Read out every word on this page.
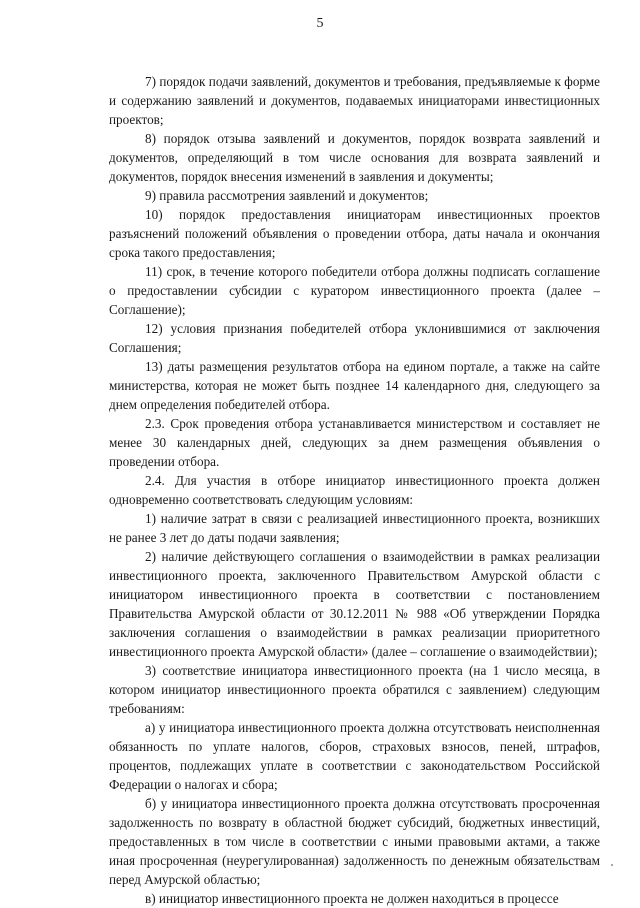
5

7) порядок подачи заявлений, документов и требования, предъявляемые к форме и содержанию заявлений и документов, подаваемых инициаторами инвестиционных проектов;

8) порядок отзыва заявлений и документов, порядок возврата заявлений и документов, определяющий в том числе основания для возврата заявлений и документов, порядок внесения изменений в заявления и документы;

9) правила рассмотрения заявлений и документов;

10) порядок предоставления инициаторам инвестиционных проектов разъяснений положений объявления о проведении отбора, даты начала и окончания срока такого предоставления;

11) срок, в течение которого победители отбора должны подписать соглашение о предоставлении субсидии с куратором инвестиционного проекта (далее – Соглашение);

12) условия признания победителей отбора уклонившимися от заключения Соглашения;

13) даты размещения результатов отбора на едином портале, а также на сайте министерства, которая не может быть позднее 14 календарного дня, следующего за днем определения победителей отбора.

2.3. Срок проведения отбора устанавливается министерством и составляет не менее 30 календарных дней, следующих за днем размещения объявления о проведении отбора.

2.4. Для участия в отборе инициатор инвестиционного проекта должен одновременно соответствовать следующим условиям:

1) наличие затрат в связи с реализацией инвестиционного проекта, возникших не ранее 3 лет до даты подачи заявления;

2) наличие действующего соглашения о взаимодействии в рамках реализации инвестиционного проекта, заключенного Правительством Амурской области с инициатором инвестиционного проекта в соответствии с постановлением Правительства Амурской области от 30.12.2011 № 988 «Об утверждении Порядка заключения соглашения о взаимодействии в рамках реализации приоритетного инвестиционного проекта Амурской области» (далее – соглашение о взаимодействии);

3) соответствие инициатора инвестиционного проекта (на 1 число месяца, в котором инициатор инвестиционного проекта обратился с заявлением) следующим требованиям:

а) у инициатора инвестиционного проекта должна отсутствовать неисполненная обязанность по уплате налогов, сборов, страховых взносов, пеней, штрафов, процентов, подлежащих уплате в соответствии с законодательством Российской Федерации о налогах и сбора;

б) у инициатора инвестиционного проекта должна отсутствовать просроченная задолженность по возврату в областной бюджет субсидий, бюджетных инвестиций, предоставленных в том числе в соответствии с иными правовыми актами, а также иная просроченная (неурегулированная) задолженность по денежным обязательствам перед Амурской областью;

в) инициатор инвестиционного проекта не должен находиться в процессе
